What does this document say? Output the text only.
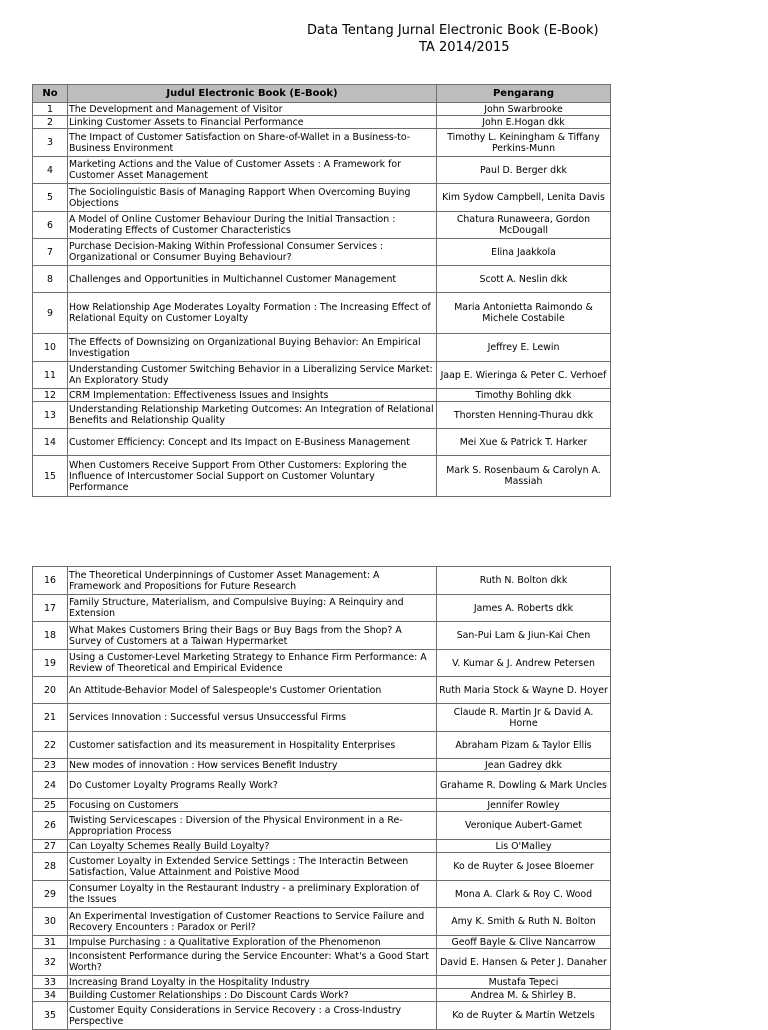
Data Tentang Jurnal Electronic Book (E-Book)
TA 2014/2015
No	Judul Electronic Book (E-Book)	Pengarang
1	The Development and Management of Visitor	John Swarbrooke
2	Linking Customer Assets to Financial Performance	John E.Hogan dkk
3	The Impact of Customer Satisfaction on Share-of-Wallet in a Business-to-Business Environment	Timothy L. Keiningham & Tiffany Perkins-Munn
4	Marketing Actions and the Value of Customer Assets : A Framework for Customer Asset Management	Paul D. Berger dkk
5	The Sociolinguistic Basis of Managing Rapport When Overcoming Buying Objections	Kim Sydow Campbell, Lenita Davis
6	A Model of Online Customer Behaviour During the Initial Transaction : Moderating Effects of Customer Characteristics	Chatura Runaweera, Gordon McDougall
7	Purchase Decision-Making Within Professional Consumer Services : Organizational or Consumer Buying Behaviour?	Elina Jaakkola
8	Challenges and Opportunities in Multichannel Customer Management	Scott A. Neslin dkk
9	How Relationship Age Moderates Loyalty Formation : The Increasing Effect of Relational Equity on Customer Loyalty	Maria Antonietta Raimondo & Michele Costabile
10	The Effects of Downsizing on Organizational Buying Behavior: An Empirical Investigation	Jeffrey E. Lewin
11	Understanding Customer Switching Behavior in a Liberalizing Service Market: An Exploratory Study	Jaap E. Wieringa & Peter C. Verhoef
12	CRM Implementation: Effectiveness Issues and Insights	Timothy Bohling dkk
13	Understanding Relationship Marketing Outcomes: An Integration of Relational Benefits and Relationship Quality	Thorsten Henning-Thurau dkk
14	Customer Efficiency: Concept and Its Impact on E-Business Management	Mei Xue & Patrick T. Harker
15	When Customers Receive Support From Other Customers: Exploring the Influence of Intercustomer Social Support on Customer Voluntary Performance	Mark S. Rosenbaum & Carolyn A. Massiah
16	The Theoretical Underpinnings of Customer Asset Management: A Framework and Propositions for Future Research	Ruth N. Bolton dkk
17	Family Structure, Materialism, and Compulsive Buying: A Reinquiry and Extension	James A. Roberts dkk
18	What Makes Customers Bring their Bags or Buy Bags from the Shop? A Survey of Customers at a Taiwan Hypermarket	San-Pui Lam & Jiun-Kai Chen
19	Using a Customer-Level Marketing Strategy to Enhance Firm Performance: A Review of Theoretical and Empirical Evidence	V. Kumar & J. Andrew Petersen
20	An Attitude-Behavior Model of Salespeople's Customer Orientation	Ruth Maria Stock & Wayne D. Hoyer
21	Services Innovation : Successful versus Unsuccessful Firms	Claude R. Martin Jr & David A. Horne
22	Customer satisfaction and its measurement in Hospitality Enterprises	Abraham Pizam & Taylor Ellis
23	New modes of innovation : How services Benefit Industry	Jean Gadrey dkk
24	Do Customer Loyalty Programs Really Work?	Grahame R. Dowling & Mark Uncles
25	Focusing on Customers	Jennifer Rowley
26	Twisting Servicescapes : Diversion of the Physical Environment in a Re-Appropriation Process	Veronique Aubert-Gamet
27	Can Loyalty Schemes Really Build Loyalty?	Lis O'Malley
28	Customer Loyalty in Extended Service Settings : The Interactin Between Satisfaction, Value Attainment and Poistive Mood	Ko de Ruyter & Josee Bloemer
29	Consumer Loyalty in the Restaurant Industry - a preliminary Exploration of the Issues	Mona A. Clark & Roy C. Wood
30	An Experimental Investigation of Customer Reactions to Service Failure and Recovery Encounters : Paradox or Peril?	Amy K. Smith & Ruth N. Bolton
31	Impulse Purchasing : a Qualitative Exploration of the Phenomenon	Geoff Bayle & Clive Nancarrow
32	Inconsistent Performance during the Service Encounter: What's a Good Start Worth?	David E. Hansen & Peter J. Danaher
33	Increasing Brand Loyalty in the Hospitality Industry	Mustafa Tepeci
34	Building Customer Relationships : Do Discount Cards Work?	Andrea M. & Shirley B.
35	Customer Equity Considerations in Service Recovery : a Cross-Industry Perspective	Ko de Ruyter & Martin Wetzels
